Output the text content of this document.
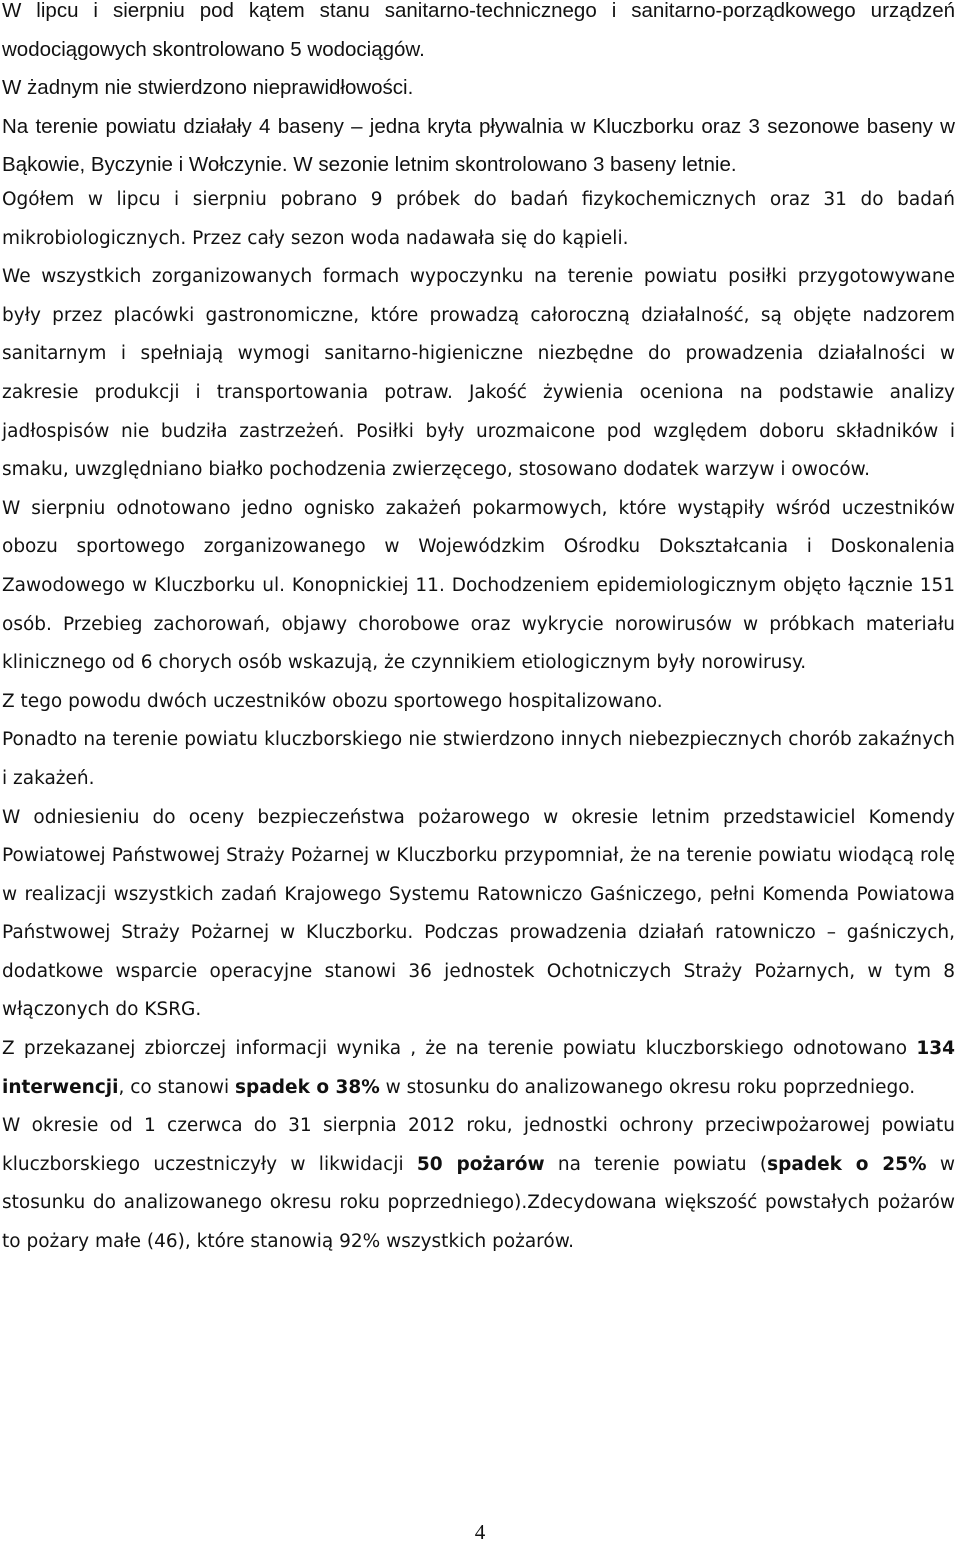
W lipcu i sierpniu pod kątem stanu sanitarno-technicznego i sanitarno-porządkowego urządzeń wodociągowych skontrolowano 5 wodociągów.
W żadnym nie stwierdzono nieprawidłowości.
Na terenie powiatu działały 4 baseny – jedna kryta pływalnia w Kluczborku oraz 3 sezonowe baseny w Bąkowie, Byczynie i Wołczynie. W sezonie letnim skontrolowano 3 baseny letnie.
Ogółem w lipcu i sierpniu pobrano 9 próbek do badań fizykochemicznych oraz 31 do badań mikrobiologicznych. Przez cały sezon woda nadawała się do kąpieli.
We wszystkich zorganizowanych formach wypoczynku na terenie powiatu posiłki przygotowywane były przez placówki gastronomiczne, które prowadzą całoroczną działalność, są objęte nadzorem sanitarnym i spełniają wymogi sanitarno-higieniczne niezbędne do prowadzenia działalności w zakresie produkcji i transportowania potraw. Jakość żywienia oceniona na podstawie analizy jadłospisów nie budziła zastrzeżeń. Posiłki były urozmaicone pod względem doboru składników i smaku, uwzględniano białko pochodzenia zwierzęcego, stosowano dodatek warzyw i owoców.
W sierpniu odnotowano jedno ognisko zakażeń pokarmowych, które wystąpiły wśród uczestników obozu sportowego zorganizowanego w Wojewódzkim Ośrodku Dokształcania i Doskonalenia Zawodowego w Kluczborku ul. Konopnickiej 11. Dochodzeniem epidemiologicznym objęto łącznie 151 osób. Przebieg zachorowań, objawy chorobowe oraz wykrycie norowirusów w próbkach materiału klinicznego od 6 chorych osób wskazują, że czynnikiem etiologicznym były norowirusy.
Z tego powodu dwóch uczestników obozu sportowego hospitalizowano.
Ponadto na terenie powiatu kluczborskiego nie stwierdzono innych niebezpiecznych chorób zakaźnych i zakażeń.
W odniesieniu do oceny bezpieczeństwa pożarowego w okresie letnim przedstawiciel Komendy Powiatowej Państwowej Straży Pożarnej w Kluczborku przypomniał, że na terenie powiatu wiodącą rolę w realizacji wszystkich zadań Krajowego Systemu Ratowniczo Gaśniczego, pełni Komenda Powiatowa Państwowej Straży Pożarnej w Kluczborku. Podczas prowadzenia działań ratowniczo – gaśniczych, dodatkowe wsparcie operacyjne stanowi 36 jednostek Ochotniczych Straży Pożarnych, w tym 8 włączonych do KSRG.
Z przekazanej zbiorczej informacji wynika , że na terenie powiatu kluczborskiego odnotowano 134 interwencji, co stanowi spadek o 38% w stosunku do analizowanego okresu roku poprzedniego.
W okresie od 1 czerwca do 31 sierpnia 2012 roku, jednostki ochrony przeciwpożarowej powiatu kluczborskiego uczestniczyły w likwidacji 50 pożarów na terenie powiatu (spadek o 25% w stosunku do analizowanego okresu roku poprzedniego).Zdecydowana większość powstałych pożarów to pożary małe (46), które stanowią 92% wszystkich pożarów.
4
